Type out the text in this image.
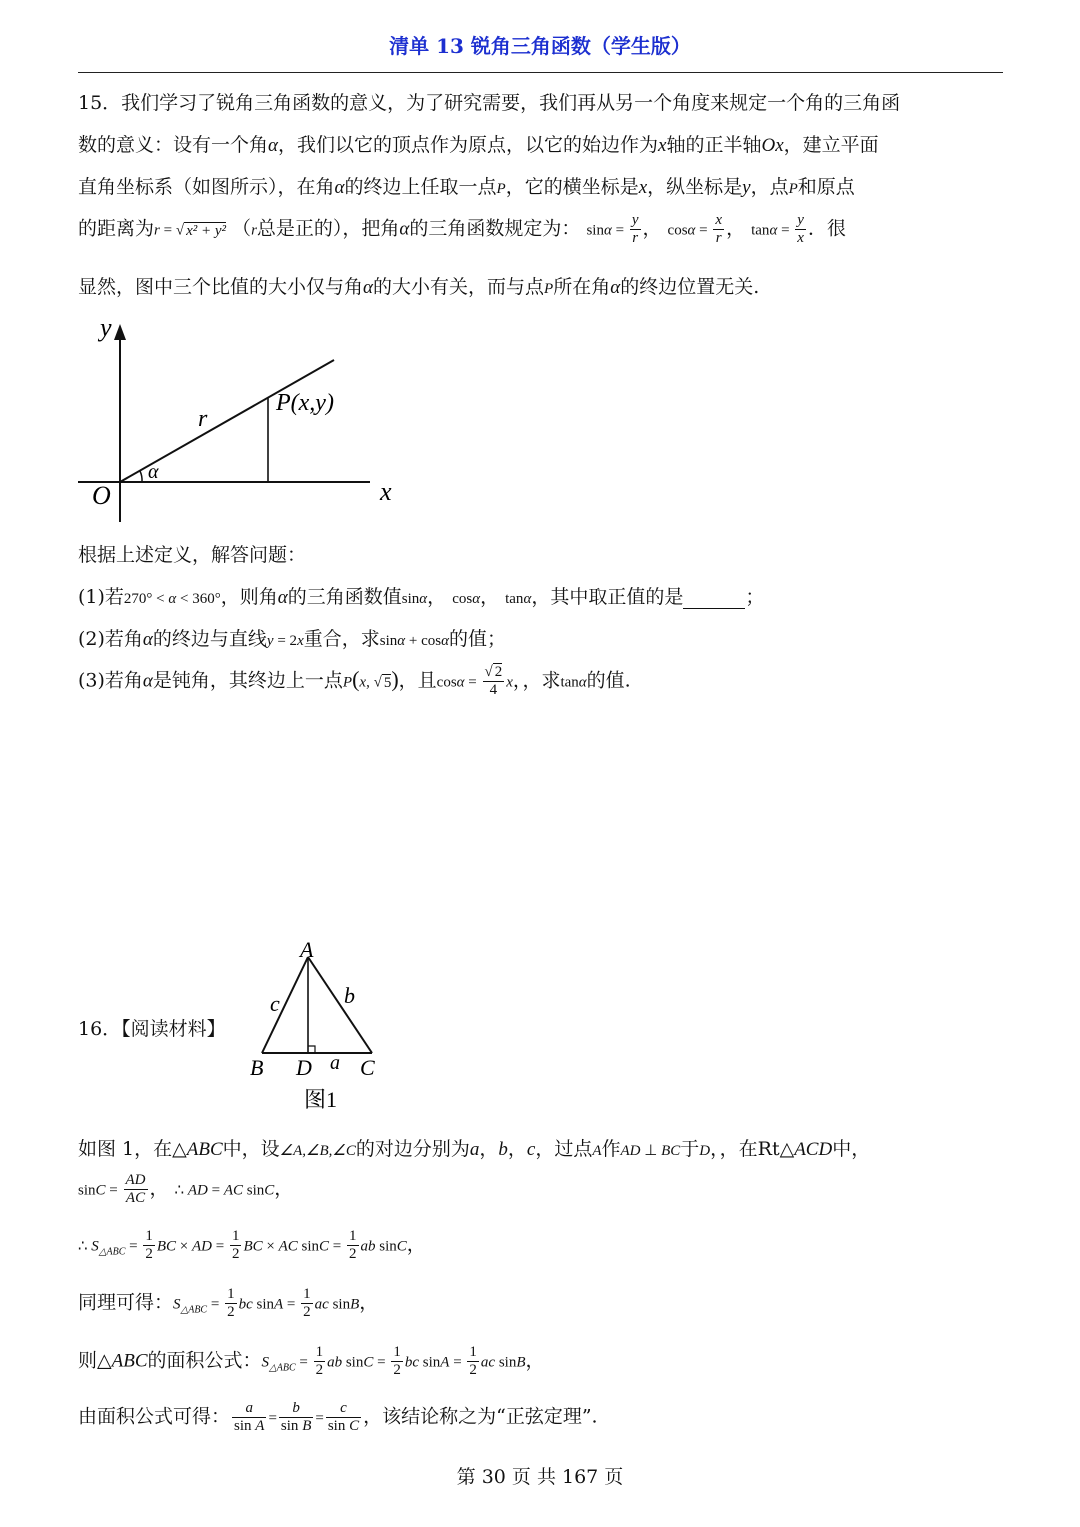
清单 13 锐角三角函数（学生版）
15．我们学习了锐角三角函数的意义，为了研究需要，我们再从另一个角度来规定一个角的三角函
数的意义：设有一个角α，我们以它的顶点作为原点，以它的始边作为x轴的正半轴Ox，建立平面
直角坐标系（如图所示），在角α的终边上任取一点P，它的横坐标是x，纵坐标是y，点P和原点
的距离为r = √ x² + y² （r总是正的），把角α的三角函数规定为： $\sin\alpha = \frac{y}{r}$ ， $\cos\alpha = \frac{x}{r}$ ， $\tan\alpha = \frac{y}{x}$ ．很
显然，图中三个比值的大小仅与角α的大小有关，而与点P所在角α的终边位置无关.
y
x
O
r
α
P(x,y)
根据上述定义，解答问题：
(1)若270° < α < 360°，则角α的三角函数值sinα， cosα， tanα，其中取正值的是	；
(2)若角α的终边与直线y = 2x重合，求sinα + cosα的值；
(3)若角α是钝角，其终边上一点P(x, √ 5)，且$\cos\alpha = \frac{√ 2}{4}$ x，，求tanα的值.
16．【阅读材料】
A
B	C
D a
b
c
图1
如图 1，在△ABC中，设∠A,∠B,∠C的对边分别为a，b，c，过点A作AD ⊥ BC于D，，在Rt△ACD中，
$\sin C = \frac{AD}{AC}$ ， ∴ AD = AC sinC，
∴ $S_{\triangle ABC} = \frac{1}{2}$ BC × AD = $\frac{1}{2}$ BC × AC $\sin C = \frac{1}{2}$ ab sinC，
同理可得：$S_{\triangle ABC} = \frac{1}{2}$ bc $\sin A = \frac{1}{2}$ ac sinB，
则△ABC的面积公式：$S_{\triangle ABC} = \frac{1}{2}$ ab $\sin C = \frac{1}{2}$ bc $\sin A = \frac{1}{2}$ ac sinB，
由面积公式可得： $\frac{a}{\text{sin A}} = \frac{b}{\text{sin B}} = \frac{c}{\text{sin C}}$ ，该结论称之为“正弦定理”.
第 30 页 共 167 页
